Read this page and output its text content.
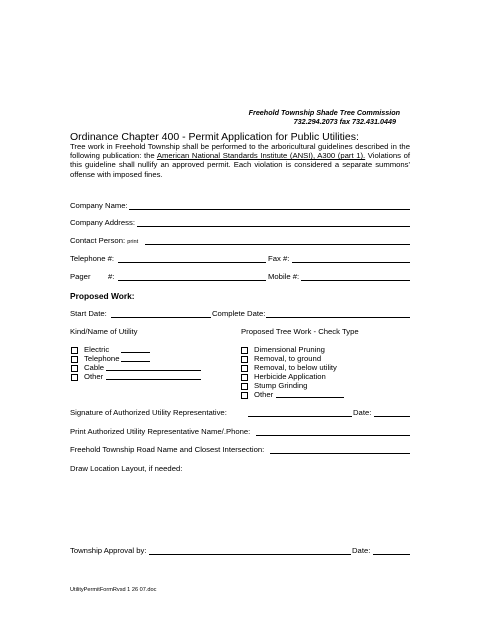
Freehold Township Shade Tree Commission
732.294.2073 fax 732.431.0449
Ordinance Chapter 400 - Permit Application for Public Utilities:
Tree work in Freehold Township shall be performed to the arboricultural guidelines described in the following publication: the American National Standards Institute (ANSI), A300 (part 1). Violations of this guideline shall nullify an approved permit. Each violation is considered a separate summons' offense with imposed fines.
Company Name:
Company Address:
Contact Person: print
Telephone #:	Fax #:
Pager #:	Mobile #:
Proposed Work:
Start Date:	Complete Date:
Kind/Name of Utility	Proposed Tree Work - Check Type
Electric
Telephone
Cable
Other
Dimensional Pruning
Removal, to ground
Removal, to below utility
Herbicide Application
Stump Grinding
Other
Signature of Authorized Utility Representative:	Date:
Print Authorized Utility Representative Name/.Phone:
Freehold Township Road Name and Closest Intersection:
Draw Location Layout, if needed:
Township Approval by:	Date:
UtilityPermitFormRvsd 1 26 07.doc
